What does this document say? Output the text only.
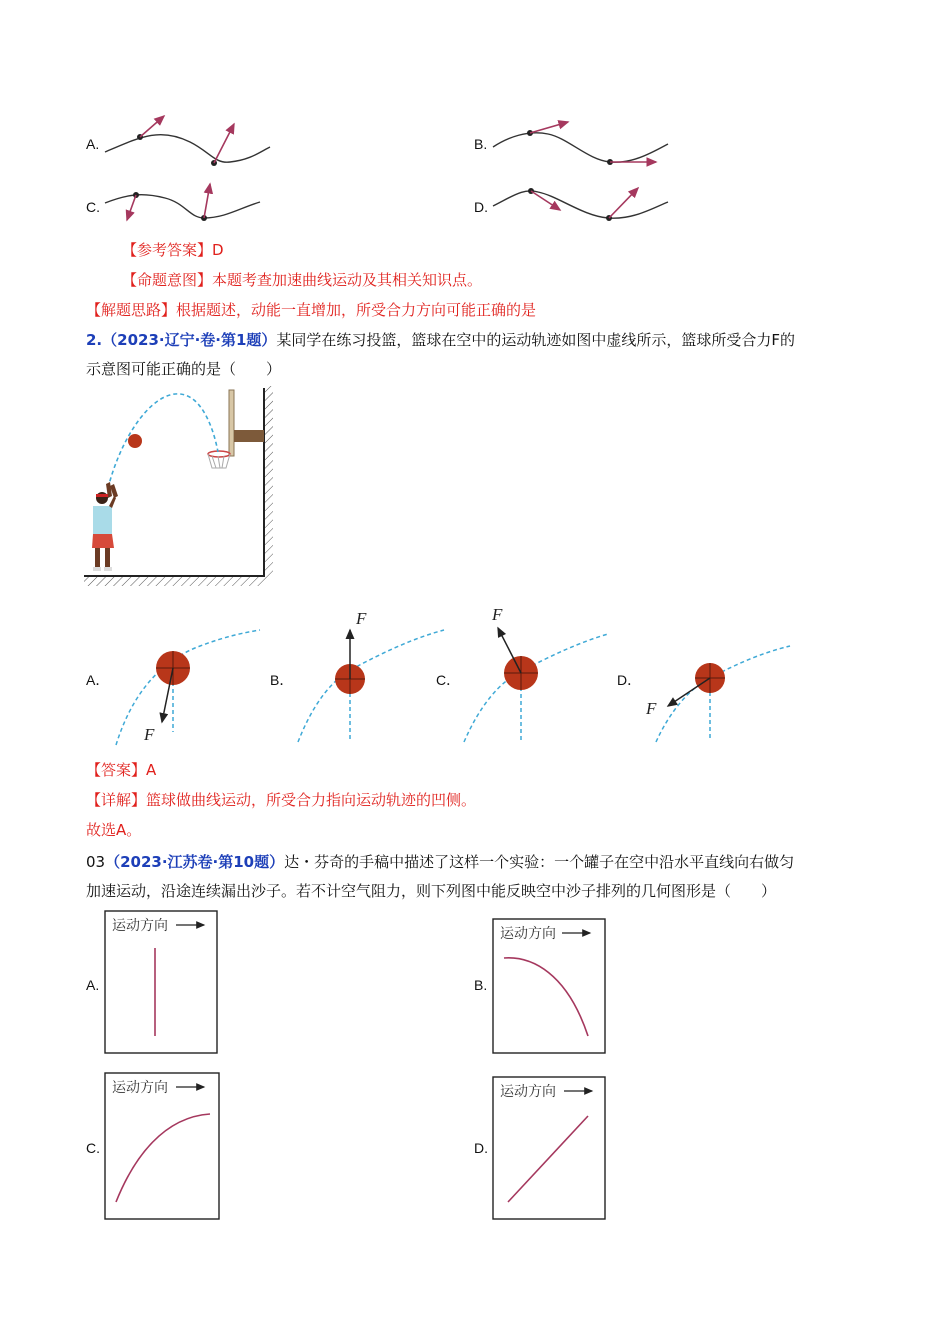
A.	B.
C.	D.
【参考答案】D
【命题意图】本题考查加速曲线运动及其相关知识点。
【解题思路】根据题述，动能一直增加，所受合力方向可能正确的是
2.（2023·辽宁·卷·第1题）某同学在练习投篮，篮球在空中的运动轨迹如图中虚线所示，篮球所受合力F的
示意图可能正确的是（　　）
A．	B．	C．	D．
F
F	F
F
【答案】A
【详解】篮球做曲线运动，所受合力指向运动轨迹的凹侧。
故选A。
03（2023·江苏卷·第10题）达・芬奇的手稿中描述了这样一个实验：一个罐子在空中沿水平直线向右做匀
加速运动，沿途连续漏出沙子。若不计空气阻力，则下列图中能反映空中沙子排列的几何图形是（　　）
A.	B.
C.	D.
运动方向	运动方向
运动方向	运动方向
